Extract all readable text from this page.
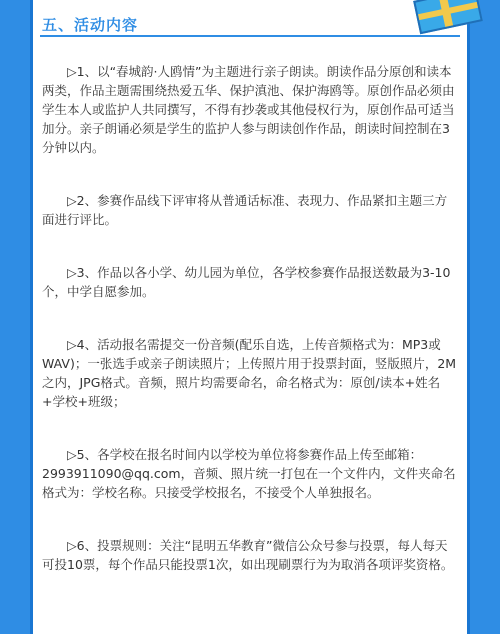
五、活动内容

▷1、以“春城韵·人鸥情”为主题进行亲子朗读。朗读作品分原创和读本两类，作品主题需围绕热爱五华、保护滇池、保护海鸥等。原创作品必须由学生本人或监护人共同撰写，不得有抄袭或其他侵权行为，原创作品可适当加分。亲子朗诵必须是学生的监护人参与朗读创作作品，朗读时间控制在3分钟以内。

▷2、参赛作品线下评审将从普通话标准、表现力、作品紧扣主题三方面进行评比。

▷3、作品以各小学、幼儿园为单位，各学校参赛作品报送数最为3-10个，中学自愿参加。

▷4、活动报名需提交一份音频(配乐自选，上传音频格式为：MP3或WAV)；一张选手或亲子朗读照片；上传照片用于投票封面，竖版照片，2M之内，JPG格式。音频，照片均需要命名，命名格式为：原创/读本+姓名+学校+班级；

▷5、各学校在报名时间内以学校为单位将参赛作品上传至邮箱：2993911090@qq.com，音频、照片统一打包在一个文件内，文件夹命名格式为：学校名称。只接受学校报名，不接受个人单独报名。

▷6、投票规则：关注“昆明五华教育”微信公众号参与投票，每人每天可投10票，每个作品只能投票1次，如出现刷票行为为取消各项评奖资格。
